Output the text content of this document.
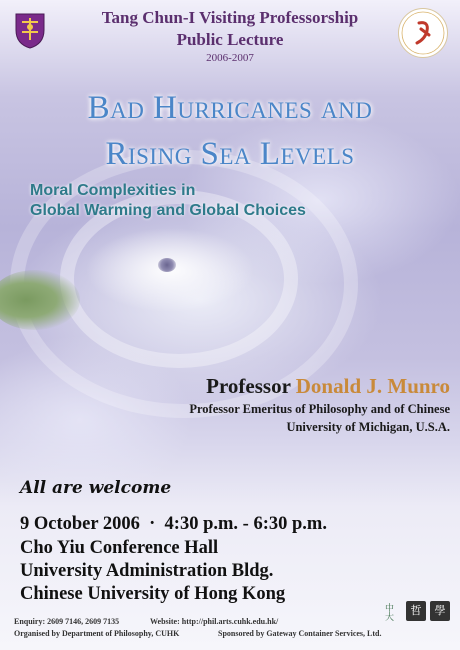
Tang Chun-I Visiting Professorship
Public Lecture
2006-2007
Bad Hurricanes and
Rising Sea Levels
Moral Complexities in
Global Warming and Global Choices
Professor Donald J. Munro
Professor Emeritus of Philosophy and of Chinese
University of Michigan, U.S.A.
All are welcome
9 October 2006  ·  4:30 p.m. - 6:30 p.m.
Cho Yiu Conference Hall
University Administration Bldg.
Chinese University of Hong Kong
中大	哲	學
Enquiry: 2609 7146, 2609 7135	Website: http://phil.arts.cuhk.edu.hk/
Organised by Department of Philosophy, CUHK	Sponsored by Gateway Container Services, Ltd.
